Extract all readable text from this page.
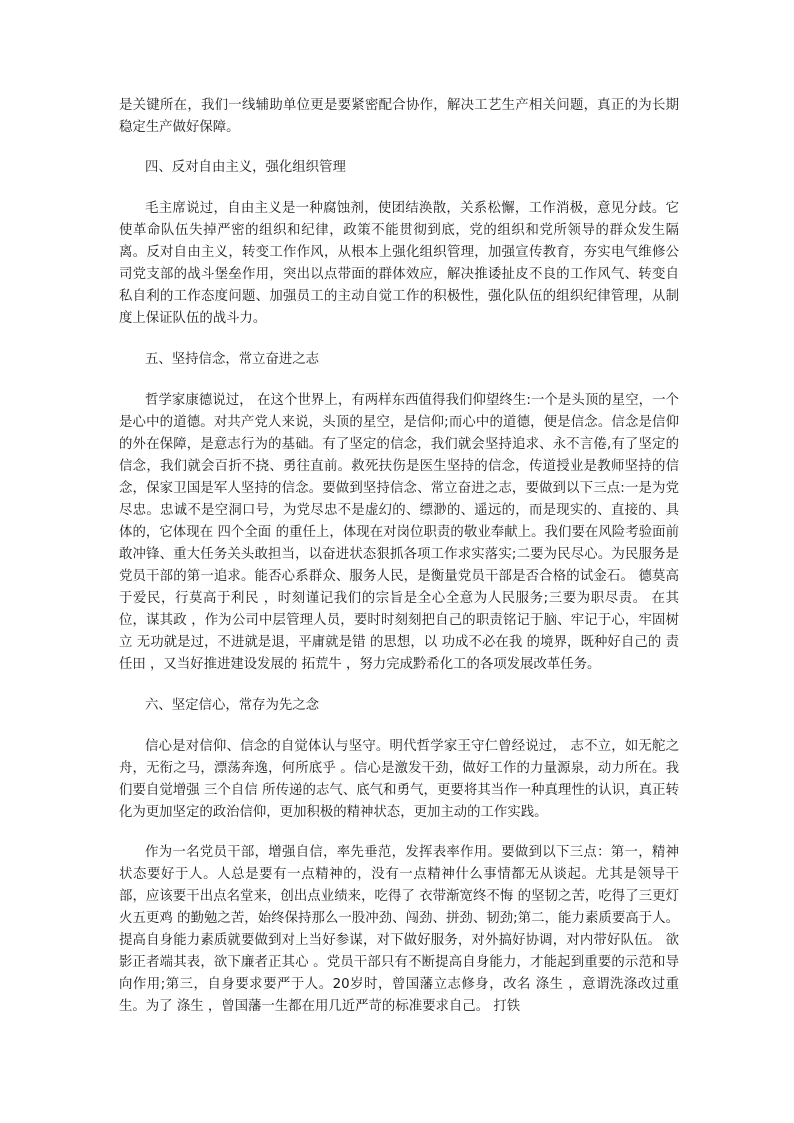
是关键所在，我们一线辅助单位更是要紧密配合协作，解决工艺生产相关问题，真正的为长期稳定生产做好保障。

四、反对自由主义，强化组织管理

毛主席说过，自由主义是一种腐蚀剂，使团结涣散，关系松懈，工作消极，意见分歧。它使革命队伍失掉严密的组织和纪律，政策不能贯彻到底，党的组织和党所领导的群众发生隔离。反对自由主义，转变工作作风，从根本上强化组织管理，加强宣传教育，夯实电气维修公司党支部的战斗堡垒作用，突出以点带面的群体效应，解决推诿扯皮不良的工作风气、转变自私自利的工作态度问题、加强员工的主动自觉工作的积极性，强化队伍的组织纪律管理，从制度上保证队伍的战斗力。

五、坚持信念，常立奋进之志

哲学家康德说过， 在这个世界上，有两样东西值得我们仰望终生:一个是头顶的星空，一个是心中的道德。对共产党人来说，头顶的星空，是信仰;而心中的道德，便是信念。信念是信仰的外在保障，是意志行为的基础。有了坚定的信念，我们就会坚持追求、永不言倦,有了坚定的信念，我们就会百折不挠、勇往直前。救死扶伤是医生坚持的信念，传道授业是教师坚持的信念，保家卫国是军人坚持的信念。要做到坚持信念、常立奋进之志，要做到以下三点:一是为党尽忠。忠诚不是空洞口号，为党尽忠不是虚幻的、缥渺的、遥远的，而是现实的、直接的、具体的，它体现在 四个全面 的重任上，体现在对岗位职责的敬业奉献上。我们要在风险考验面前敢冲锋、重大任务关头敢担当，以奋进状态狠抓各项工作求实落实;二要为民尽心。为民服务是党员干部的第一追求。能否心系群众、服务人民，是衡量党员干部是否合格的试金石。 德莫高于爱民，行莫高于利民 ，时刻谨记我们的宗旨是全心全意为人民服务;三要为职尽责。 在其位，谋其政 ，作为公司中层管理人员，要时时刻刻把自己的职责铭记于脑、牢记于心，牢固树立 无功就是过，不进就是退，平庸就是错 的思想，以 功成不必在我 的境界，既种好自己的 责任田 ，又当好推进建设发展的 拓荒牛 ，努力完成黔希化工的各项发展改革任务。

六、坚定信心，常存为先之念

信心是对信仰、信念的自觉体认与坚守。明代哲学家王守仁曾经说过， 志不立，如无舵之舟，无衔之马，漂荡奔逸，何所底乎 。信心是激发干劲，做好工作的力量源泉，动力所在。我们要自觉增强 三个自信 所传递的志气、底气和勇气，更要将其当作一种真理性的认识，真正转化为更加坚定的政治信仰，更加积极的精神状态，更加主动的工作实践。

作为一名党员干部，增强自信，率先垂范，发挥表率作用。要做到以下三点：第一，精神状态要好于人。人总是要有一点精神的，没有一点精神什么事情都无从谈起。尤其是领导干部，应该要干出点名堂来，创出点业绩来，吃得了 衣带渐宽终不悔 的坚韧之苦，吃得了三更灯火五更鸡 的勤勉之苦，始终保持那么一股冲劲、闯劲、拼劲、韧劲;第二，能力素质要高于人。提高自身能力素质就要做到对上当好参谋，对下做好服务，对外搞好协调，对内带好队伍。 欲影正者端其表，欲下廉者正其心 。党员干部只有不断提高自身能力，才能起到重要的示范和导向作用;第三，自身要求要严于人。20岁时，曾国藩立志修身，改名 涤生 ，意谓洗涤改过重生。为了 涤生 ，曾国藩一生都在用几近严苛的标准要求自己。 打铁
